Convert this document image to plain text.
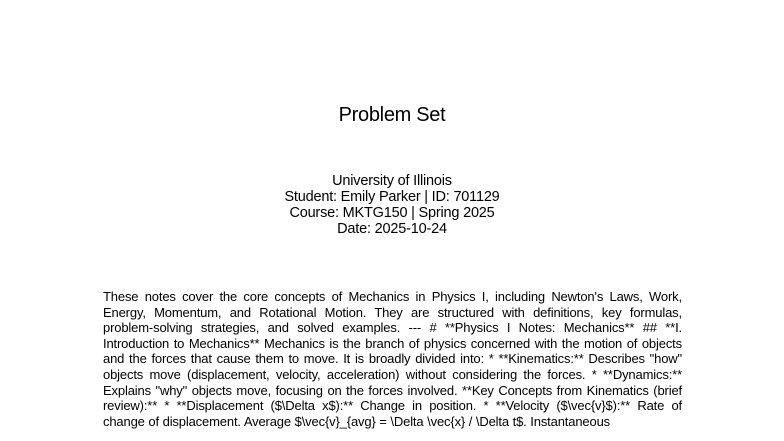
Problem Set
University of Illinois
Student: Emily Parker | ID: 701129
Course: MKTG150 | Spring 2025
Date: 2025-10-24
These notes cover the core concepts of Mechanics in Physics I, including Newton's Laws, Work, Energy, Momentum, and Rotational Motion. They are structured with definitions, key formulas, problem-solving strategies, and solved examples. --- # **Physics I Notes: Mechanics** ## **I. Introduction to Mechanics** Mechanics is the branch of physics concerned with the motion of objects and the forces that cause them to move. It is broadly divided into: * **Kinematics:** Describes "how" objects move (displacement, velocity, acceleration) without considering the forces. * **Dynamics:** Explains "why" objects move, focusing on the forces involved. **Key Concepts from Kinematics (brief review):** * **Displacement ($\Delta x$):** Change in position. * **Velocity ($\vec{v}$):** Rate of change of displacement. Average $\vec{v}_{avg} = \Delta \vec{x} / \Delta t$. Instantaneous
